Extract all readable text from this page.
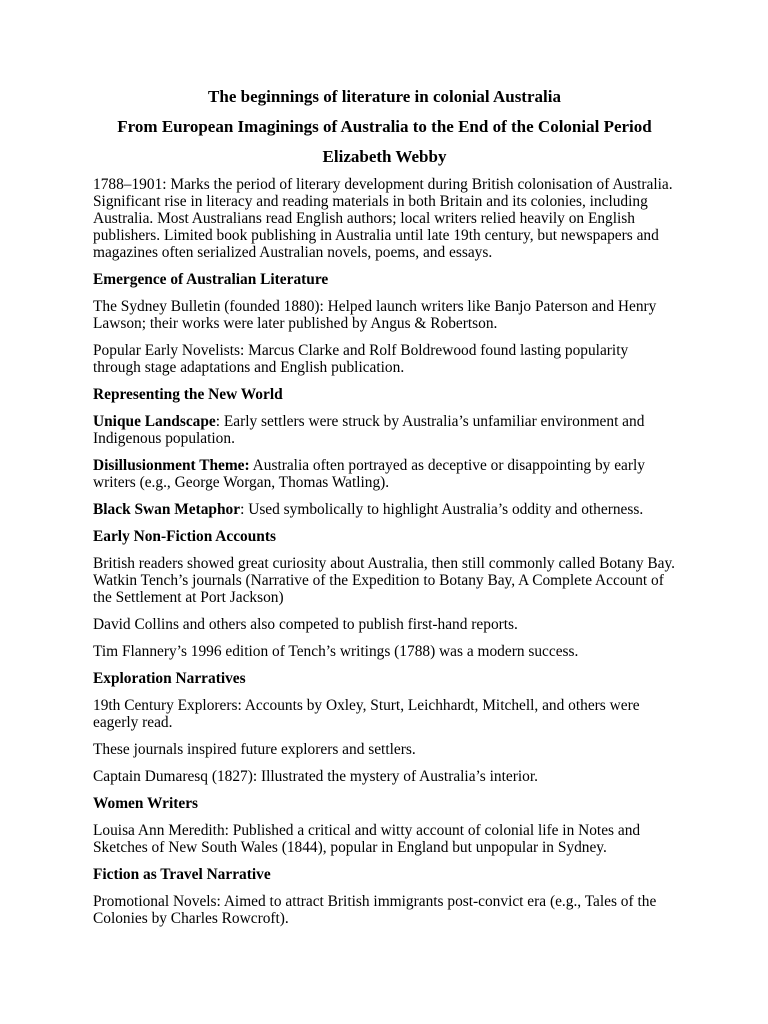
The beginnings of literature in colonial Australia
From European Imaginings of Australia to the End of the Colonial Period
Elizabeth Webby

1788–1901: Marks the period of literary development during British colonisation of Australia. Significant rise in literacy and reading materials in both Britain and its colonies, including Australia. Most Australians read English authors; local writers relied heavily on English publishers. Limited book publishing in Australia until late 19th century, but newspapers and magazines often serialized Australian novels, poems, and essays.

Emergence of Australian Literature

The Sydney Bulletin (founded 1880): Helped launch writers like Banjo Paterson and Henry Lawson; their works were later published by Angus & Robertson.

Popular Early Novelists: Marcus Clarke and Rolf Boldrewood found lasting popularity through stage adaptations and English publication.

Representing the New World

Unique Landscape: Early settlers were struck by Australia’s unfamiliar environment and Indigenous population.

Disillusionment Theme: Australia often portrayed as deceptive or disappointing by early writers (e.g., George Worgan, Thomas Watling).

Black Swan Metaphor: Used symbolically to highlight Australia’s oddity and otherness.

Early Non-Fiction Accounts

British readers showed great curiosity about Australia, then still commonly called Botany Bay. Watkin Tench’s journals (Narrative of the Expedition to Botany Bay, A Complete Account of the Settlement at Port Jackson)

David Collins and others also competed to publish first-hand reports.

Tim Flannery’s 1996 edition of Tench’s writings (1788) was a modern success.

Exploration Narratives

19th Century Explorers: Accounts by Oxley, Sturt, Leichhardt, Mitchell, and others were eagerly read.

These journals inspired future explorers and settlers.

Captain Dumaresq (1827): Illustrated the mystery of Australia’s interior.

Women Writers

Louisa Ann Meredith: Published a critical and witty account of colonial life in Notes and Sketches of New South Wales (1844), popular in England but unpopular in Sydney.

Fiction as Travel Narrative

Promotional Novels: Aimed to attract British immigrants post-convict era (e.g., Tales of the Colonies by Charles Rowcroft).
